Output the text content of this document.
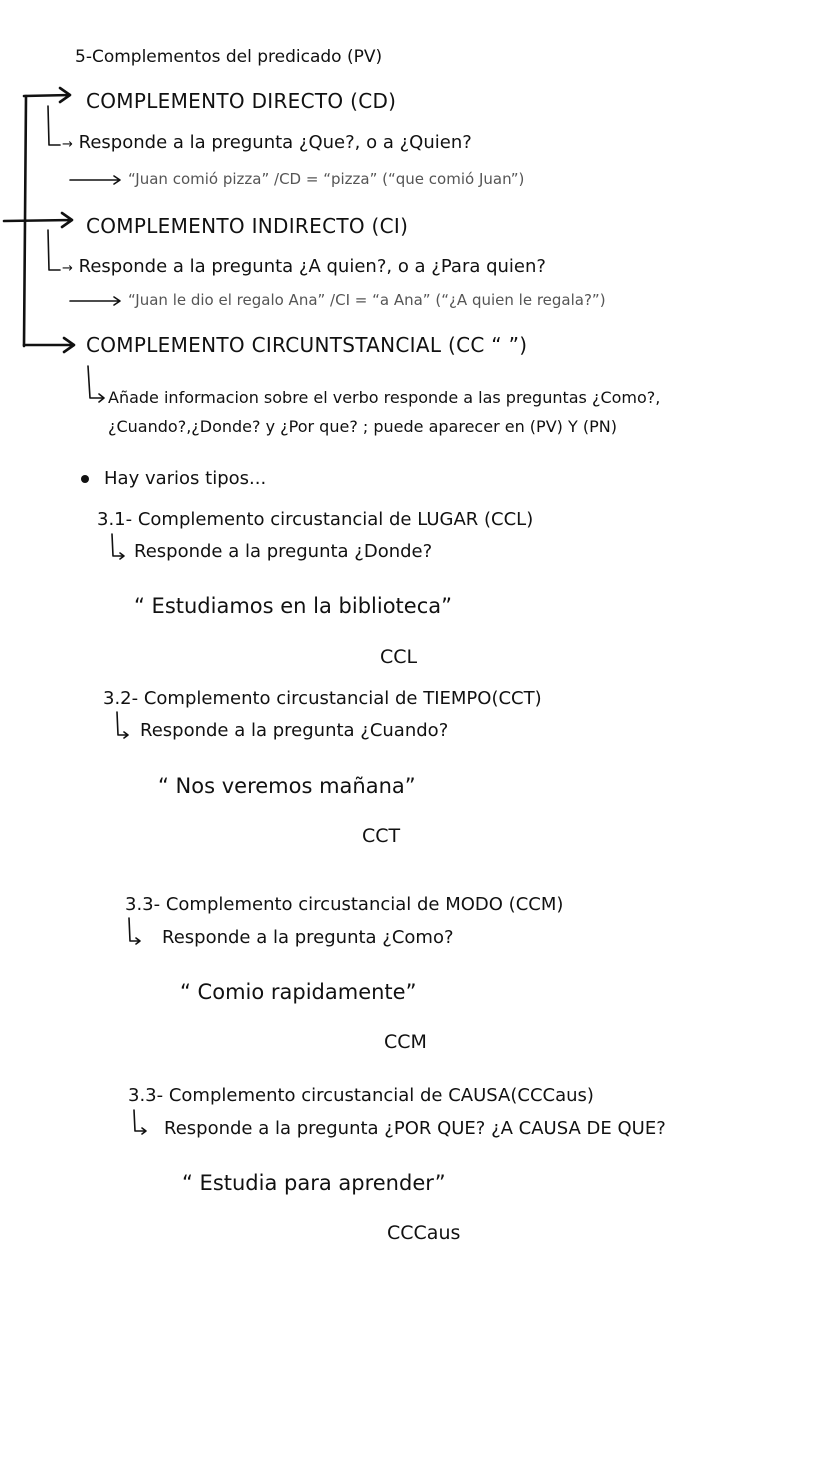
5-Complementos del predicado (PV)
COMPLEMENTO DIRECTO (CD)
→ Responde a la pregunta ¿Que?, o a ¿Quien?
“Juan comió pizza” /CD = “pizza” (“que comió Juan”)
COMPLEMENTO INDIRECTO (CI)
→ Responde a la pregunta ¿A quien?, o a ¿Para quien?
“Juan le dio el regalo Ana” /CI = “a Ana” (“¿A quien le regala?”)
COMPLEMENTO CIRCUNTSTANCIAL (CC “ ”)
Añade informacion sobre el verbo responde a las preguntas ¿Como?,
¿Cuando?,¿Donde? y ¿Por que? ; puede aparecer en (PV) Y (PN)
Hay varios tipos...
3.1- Complemento circustancial de LUGAR (CCL)
Responde a la pregunta ¿Donde?
“ Estudiamos en la biblioteca”
CCL
3.2- Complemento circustancial de TIEMPO(CCT)
Responde a la pregunta ¿Cuando?
“ Nos veremos mañana”
CCT
3.3- Complemento circustancial de MODO (CCM)
Responde a la pregunta ¿Como?
“ Comio rapidamente”
CCM
3.3- Complemento circustancial de CAUSA(CCCaus)
Responde a la pregunta ¿POR QUE? ¿A CAUSA DE QUE?
“ Estudia para aprender”
CCCaus
